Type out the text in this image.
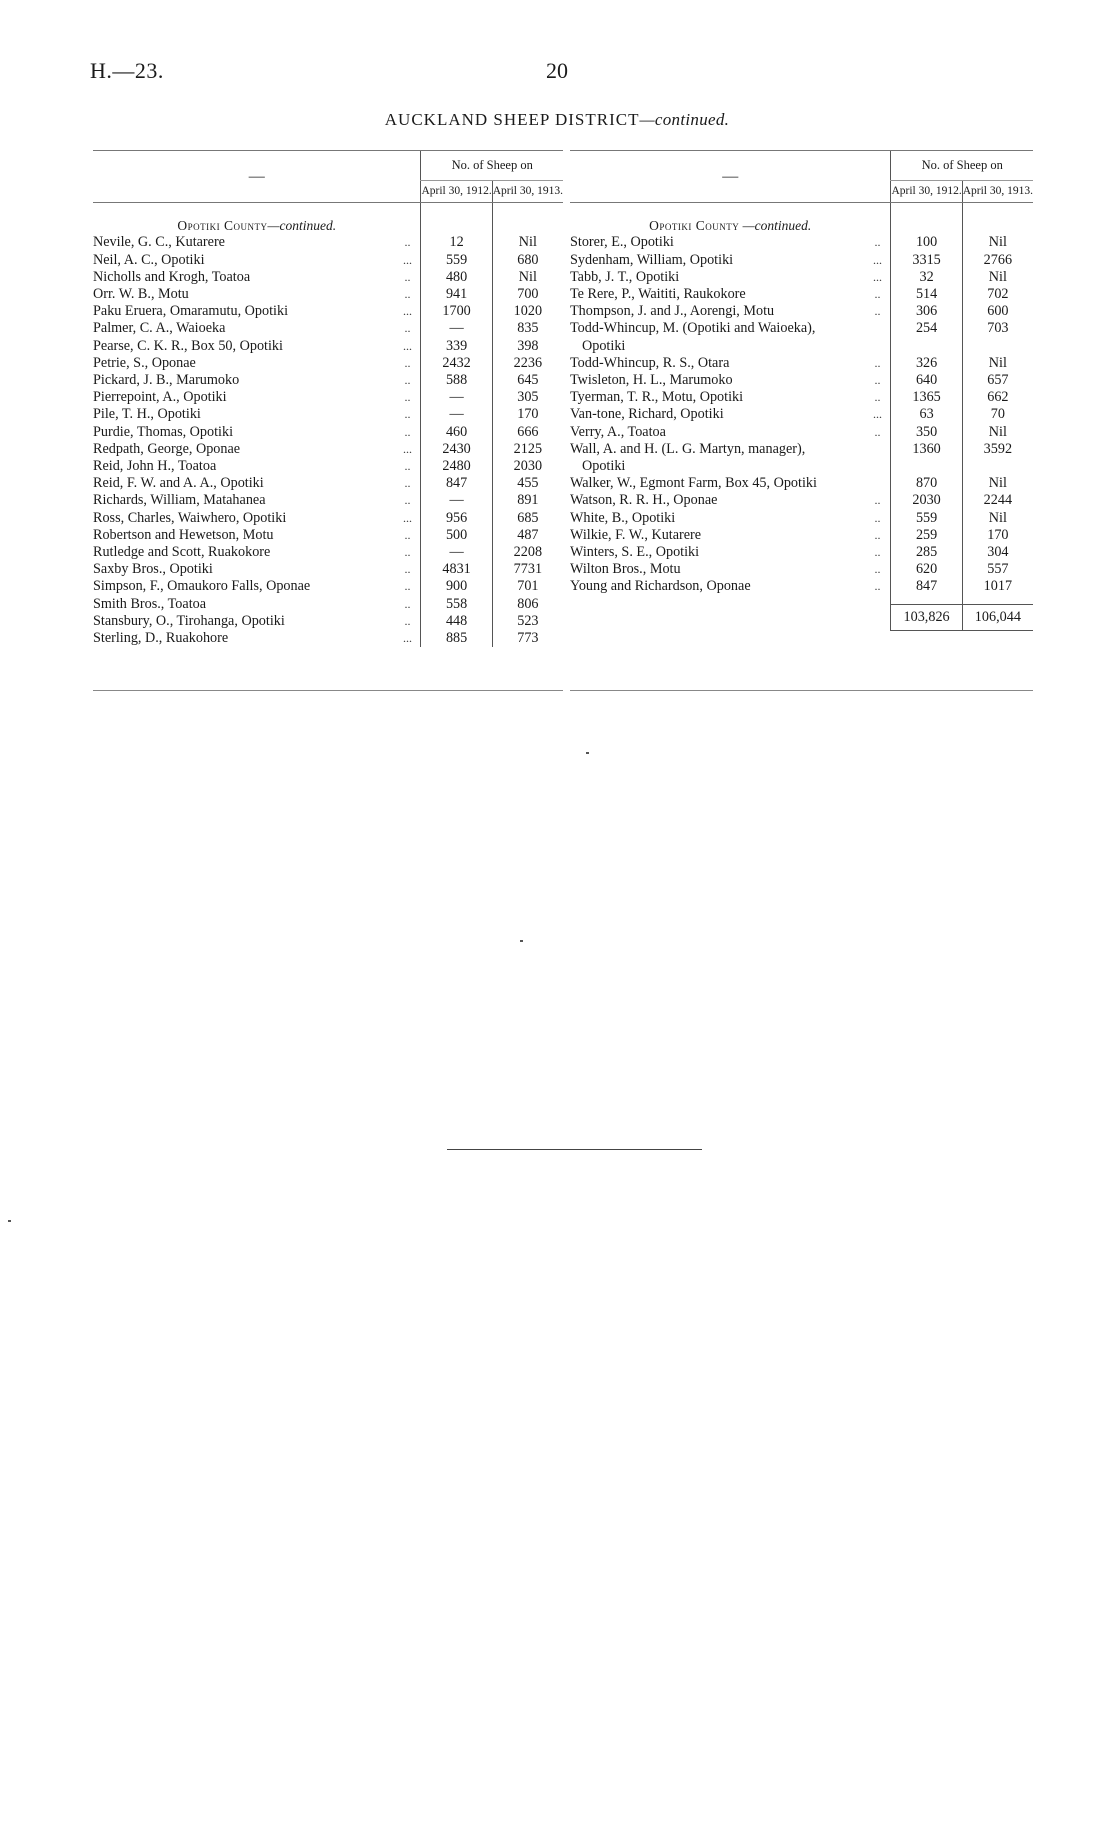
H.—23.	20
AUCKLAND SHEEP DISTRICT—continued.
—		No. of Sheep on	
		April 30, 1912.	April 30, 1913.
Opotiki County—continued.			
Nevile, G. C., Kutarere	..	12	Nil
Neil, A. C., Opotiki	...	559	680
Nicholls and Krogh, Toatoa	..	480	Nil
Orr. W. B., Motu	..	941	700
Paku Eruera, Omaramutu, Opotiki	...	1700	1020
Palmer, C. A., Waioeka	..	—	835
Pearse, C. K. R., Box 50, Opotiki	...	339	398
Petrie, S., Oponae	..	2432	2236
Pickard, J. B., Marumoko	..	588	645
Pierrepoint, A., Opotiki	..	—	305
Pile, T. H., Opotiki	..	—	170
Purdie, Thomas, Opotiki	..	460	666
Redpath, George, Oponae	...	2430	2125
Reid, John H., Toatoa	..	2480	2030
Reid, F. W. and A. A., Opotiki	..	847	455
Richards, William, Matahanea	..	—	891
Ross, Charles, Waiwhero, Opotiki	...	956	685
Robertson and Hewetson, Motu	..	500	487
Rutledge and Scott, Ruakokore	..	—	2208
Saxby Bros., Opotiki	..	4831	7731
Simpson, F., Omaukoro Falls, Oponae	..	900	701
Smith Bros., Toatoa	..	558	806
Stansbury, O., Tirohanga, Opotiki	..	448	523
Sterling, D., Ruakohore	...	885	773
—		No. of Sheep on	
		April 30, 1912.	April 30, 1913.
Opotiki County —continued.			
Storer, E., Opotiki	..	100	Nil
Sydenham, William, Opotiki	...	3315	2766
Tabb, J. T., Opotiki	...	32	Nil
Te Rere, P., Waititi, Raukokore	..	514	702
Thompson, J. and J., Aorengi, Motu	..	306	600
Todd-Whincup, M. (Opotiki and Waioeka),		254	703
Opotiki			
Todd-Whincup, R. S., Otara	..	326	Nil
Twisleton, H. L., Marumoko	..	640	657
Tyerman, T. R., Motu, Opotiki	..	1365	662
Van-tone, Richard, Opotiki	...	63	70
Verry, A., Toatoa	..	350	Nil
Wall, A. and H. (L. G. Martyn, manager),		1360	3592
Opotiki			
Walker, W., Egmont Farm, Box 45, Opotiki		870	Nil
Watson, R. R. H., Oponae	..	2030	2244
White, B., Opotiki	..	559	Nil
Wilkie, F. W., Kutarere	..	259	170
Winters, S. E., Opotiki	..	285	304
Wilton Bros., Motu	..	620	557
Young and Richardson, Oponae	..	847	1017

		103,826	106,044
